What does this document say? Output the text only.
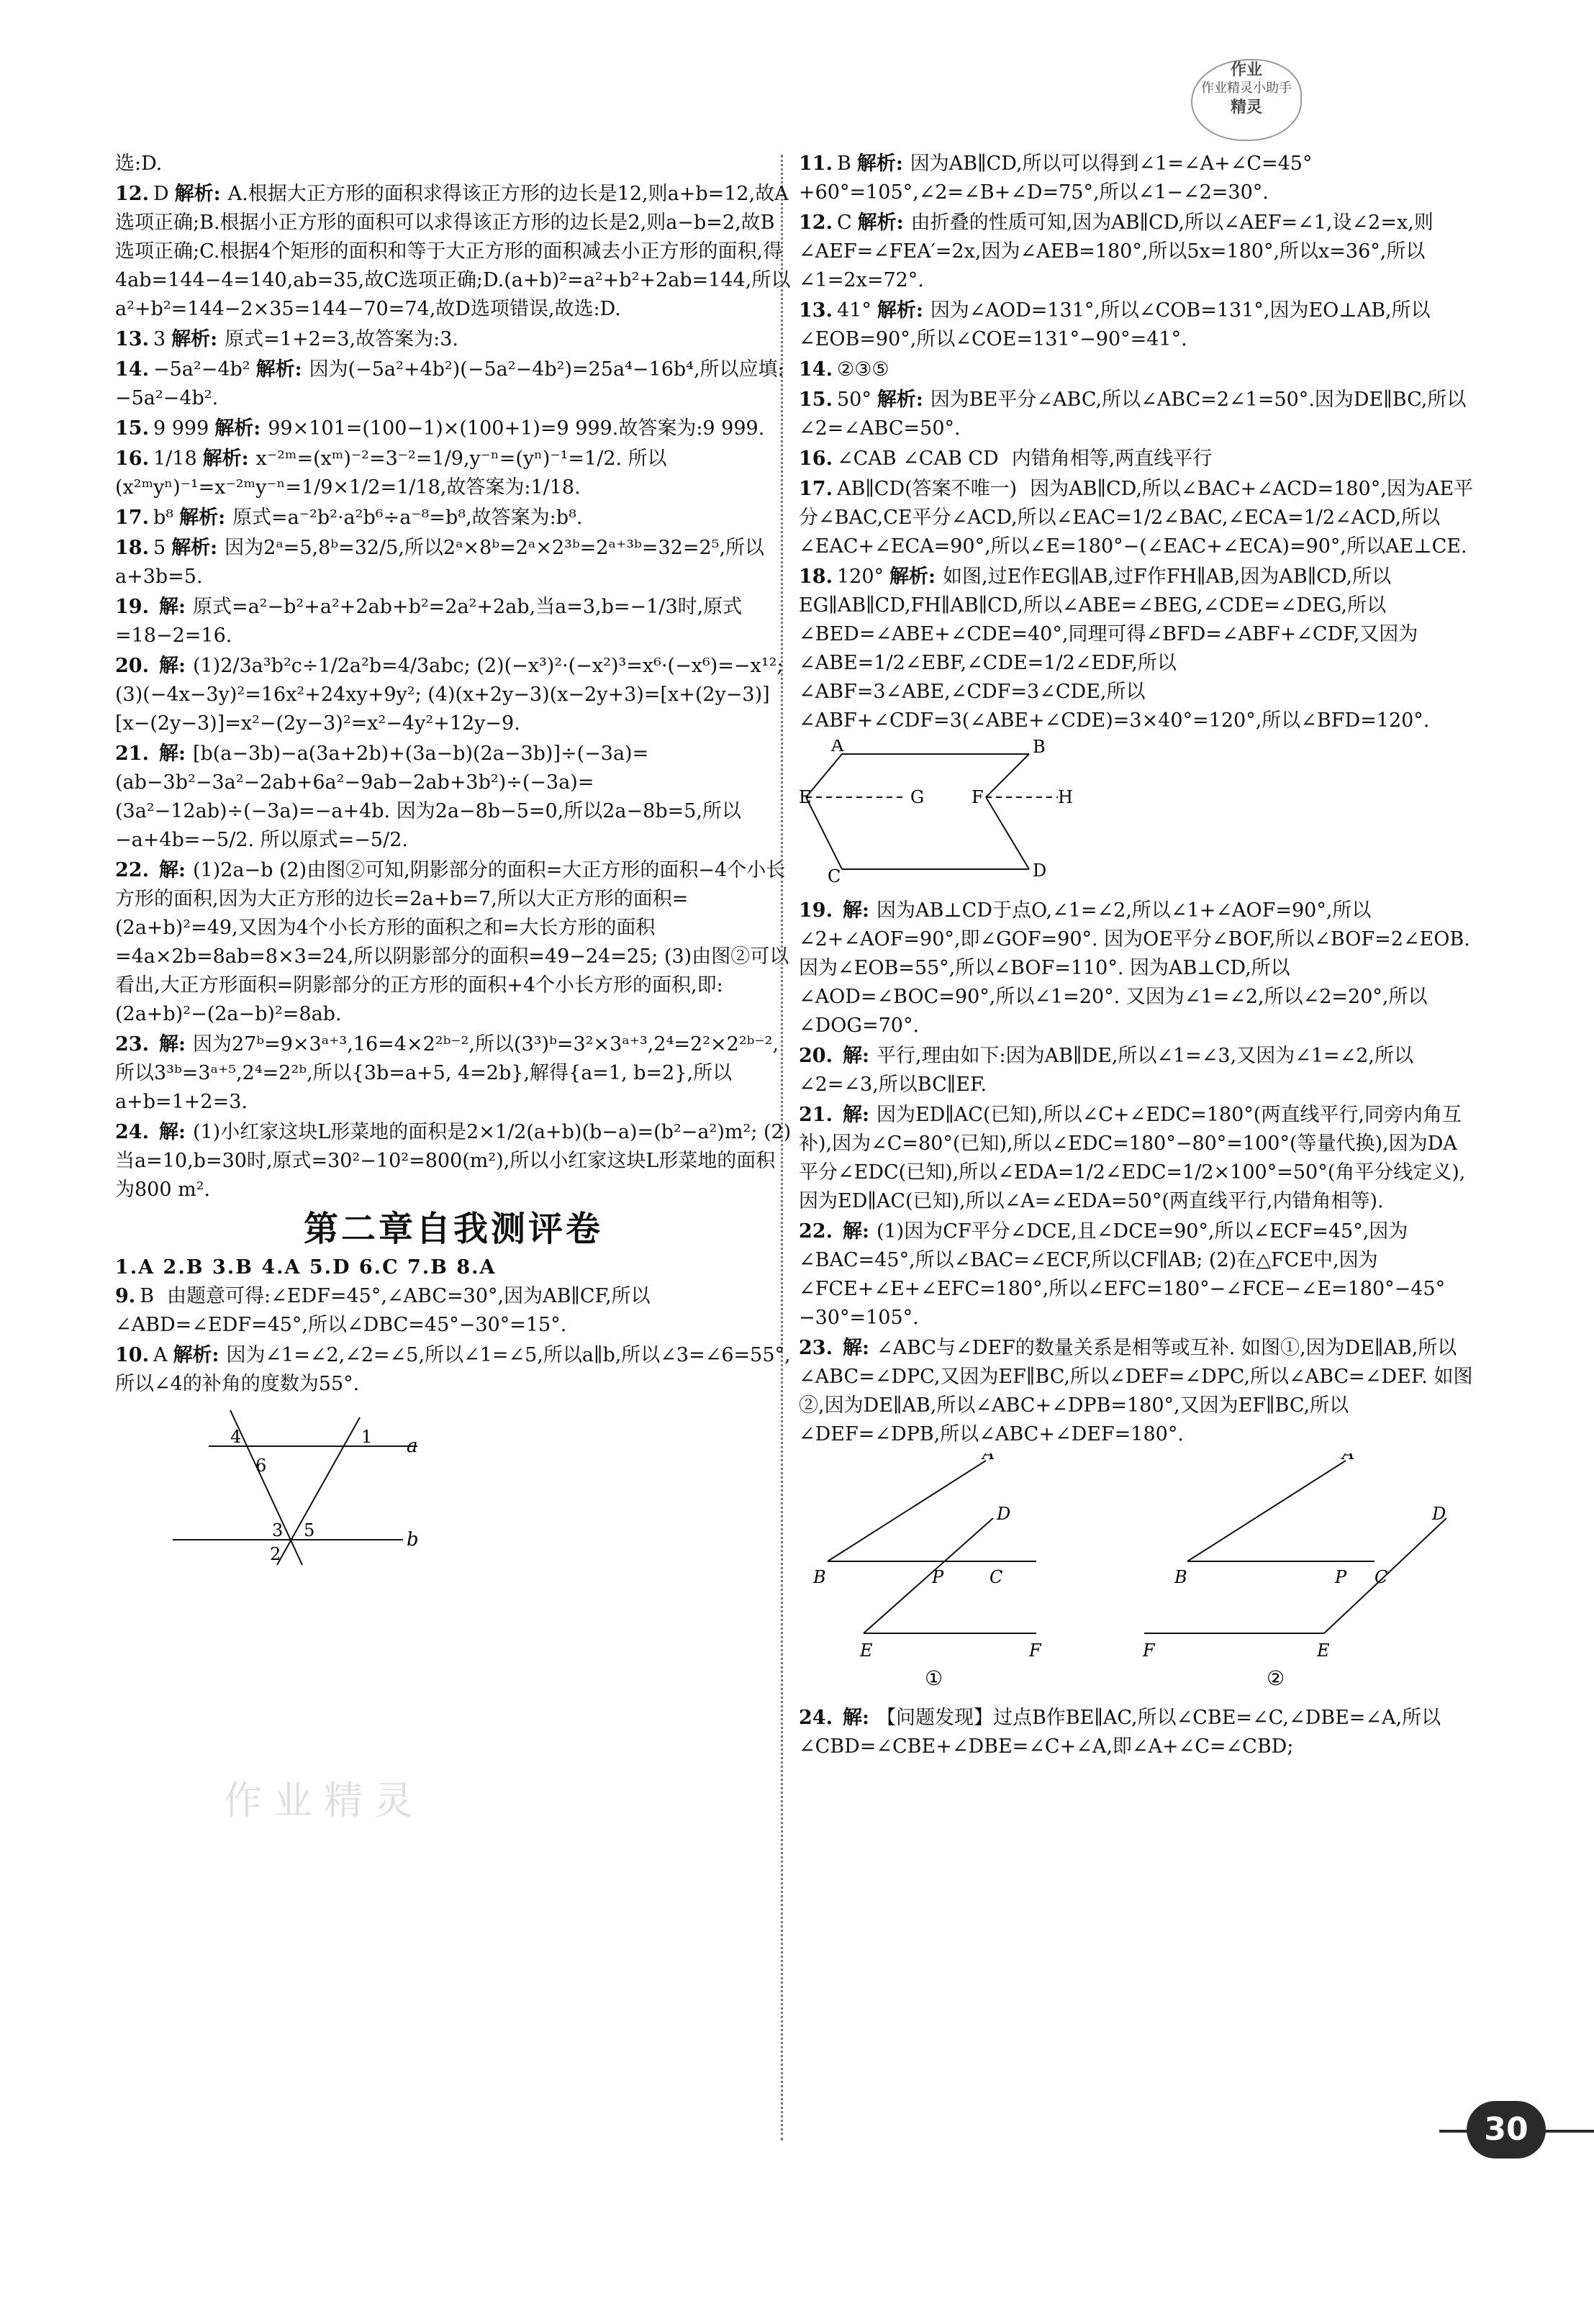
作业
作业精灵小助手
精灵
作业精灵
选:D.
12. D 解析: A.根据大正方形的面积求得该正方形的边长是12,则a+b=12,故A选项正确;B.根据小正方形的面积可以求得该正方形的边长是2,则a−b=2,故B选项正确;C.根据4个矩形的面积和等于大正方形的面积减去小正方形的面积,得4ab=144−4=140,ab=35,故C选项正确;D.(a+b)²=a²+b²+2ab=144,所以a²+b²=144−2×35=144−70=74,故D选项错误,故选:D.
13. 3 解析: 原式=1+2=3,故答案为:3.
14. −5a²−4b² 解析: 因为(−5a²+4b²)(−5a²−4b²)=25a⁴−16b⁴,所以应填:−5a²−4b².
15. 9 999 解析: 99×101=(100−1)×(100+1)=9 999.故答案为:9 999.
16. 1/18 解析: x⁻²ᵐ=(xᵐ)⁻²=3⁻²=1/9,y⁻ⁿ=(yⁿ)⁻¹=1/2. 所以(x²ᵐyⁿ)⁻¹=x⁻²ᵐy⁻ⁿ=1/9×1/2=1/18,故答案为:1/18.
17. b⁸ 解析: 原式=a⁻²b²·a²b⁶÷a⁻⁸=b⁸,故答案为:b⁸.
18. 5 解析: 因为2ᵃ=5,8ᵇ=32/5,所以2ᵃ×8ᵇ=2ᵃ×2³ᵇ=2ᵃ⁺³ᵇ=32=2⁵,所以a+3b=5.
19. 解: 原式=a²−b²+a²+2ab+b²=2a²+2ab,当a=3,b=−1/3时,原式=18−2=16.
20. 解: (1)2/3a³b²c÷1/2a²b=4/3abc; (2)(−x³)²·(−x²)³=x⁶·(−x⁶)=−x¹²; (3)(−4x−3y)²=16x²+24xy+9y²; (4)(x+2y−3)(x−2y+3)=[x+(2y−3)][x−(2y−3)]=x²−(2y−3)²=x²−4y²+12y−9.
21. 解: [b(a−3b)−a(3a+2b)+(3a−b)(2a−3b)]÷(−3a)=(ab−3b²−3a²−2ab+6a²−9ab−2ab+3b²)÷(−3a)=(3a²−12ab)÷(−3a)=−a+4b. 因为2a−8b−5=0,所以2a−8b=5,所以−a+4b=−5/2. 所以原式=−5/2.
22. 解: (1)2a−b (2)由图②可知,阴影部分的面积=大正方形的面积−4个小长方形的面积,因为大正方形的边长=2a+b=7,所以大正方形的面积=(2a+b)²=49,又因为4个小长方形的面积之和=大长方形的面积=4a×2b=8ab=8×3=24,所以阴影部分的面积=49−24=25; (3)由图②可以看出,大正方形面积=阴影部分的正方形的面积+4个小长方形的面积,即:(2a+b)²−(2a−b)²=8ab.
23. 解: 因为27ᵇ=9×3ᵃ⁺³,16=4×2²ᵇ⁻²,所以(3³)ᵇ=3²×3ᵃ⁺³,2⁴=2²×2²ᵇ⁻²,所以3³ᵇ=3ᵃ⁺⁵,2⁴=2²ᵇ,所以{3b=a+5, 4=2b},解得{a=1, b=2},所以a+b=1+2=3.
24. 解: (1)小红家这块L形菜地的面积是2×1/2(a+b)(b−a)=(b²−a²)m²; (2)当a=10,b=30时,原式=30²−10²=800(m²),所以小红家这块L形菜地的面积为800 m².
第二章自我测评卷
1.A 2.B 3.B 4.A 5.D 6.C 7.B 8.A
9. B 由题意可得:∠EDF=45°,∠ABC=30°,因为AB∥CF,所以∠ABD=∠EDF=45°,所以∠DBC=45°−30°=15°.
10. A 解析: 因为∠1=∠2,∠2=∠5,所以∠1=∠5,所以a∥b,所以∠3=∠6=55°,所以∠4的补角的度数为55°.
4
6
1
3 5
2
a
b
11. B 解析: 因为AB∥CD,所以可以得到∠1=∠A+∠C=45°+60°=105°,∠2=∠B+∠D=75°,所以∠1−∠2=30°.
12. C 解析: 由折叠的性质可知,因为AB∥CD,所以∠AEF=∠1,设∠2=x,则∠AEF=∠FEA′=2x,因为∠AEB=180°,所以5x=180°,所以x=36°,所以∠1=2x=72°.
13. 41° 解析: 因为∠AOD=131°,所以∠COB=131°,因为EO⊥AB,所以∠EOB=90°,所以∠COE=131°−90°=41°.
14. ②③⑤
15. 50° 解析: 因为BE平分∠ABC,所以∠ABC=2∠1=50°.因为DE∥BC,所以∠2=∠ABC=50°.
16. ∠CAB ∠CAB CD 内错角相等,两直线平行
17. AB∥CD(答案不唯一) 因为AB∥CD,所以∠BAC+∠ACD=180°,因为AE平分∠BAC,CE平分∠ACD,所以∠EAC=1/2∠BAC,∠ECA=1/2∠ACD,所以∠EAC+∠ECA=90°,所以∠E=180°−(∠EAC+∠ECA)=90°,所以AE⊥CE.
18. 120° 解析: 如图,过E作EG∥AB,过F作FH∥AB,因为AB∥CD,所以EG∥AB∥CD,FH∥AB∥CD,所以∠ABE=∠BEG,∠CDE=∠DEG,所以∠BED=∠ABE+∠CDE=40°,同理可得∠BFD=∠ABF+∠CDF,又因为∠ABE=1/2∠EBF,∠CDE=1/2∠EDF,所以∠ABF=3∠ABE,∠CDF=3∠CDE,所以∠ABF+∠CDF=3(∠ABE+∠CDE)=3×40°=120°,所以∠BFD=120°.
A	B
C	D
E	F
G	H
19. 解: 因为AB⊥CD于点O,∠1=∠2,所以∠1+∠AOF=90°,所以∠2+∠AOF=90°,即∠GOF=90°. 因为OE平分∠BOF,所以∠BOF=2∠EOB. 因为∠EOB=55°,所以∠BOF=110°. 因为AB⊥CD,所以∠AOD=∠BOC=90°,所以∠1=20°. 又因为∠1=∠2,所以∠2=20°,所以∠DOG=70°.
20. 解: 平行,理由如下:因为AB∥DE,所以∠1=∠3,又因为∠1=∠2,所以∠2=∠3,所以BC∥EF.
21. 解: 因为ED∥AC(已知),所以∠C+∠EDC=180°(两直线平行,同旁内角互补),因为∠C=80°(已知),所以∠EDC=180°−80°=100°(等量代换),因为DA平分∠EDC(已知),所以∠EDA=1/2∠EDC=1/2×100°=50°(角平分线定义),因为ED∥AC(已知),所以∠A=∠EDA=50°(两直线平行,内错角相等).
22. 解: (1)因为CF平分∠DCE,且∠DCE=90°,所以∠ECF=45°,因为∠BAC=45°,所以∠BAC=∠ECF,所以CF∥AB; (2)在△FCE中,因为∠FCE+∠E+∠EFC=180°,所以∠EFC=180°−∠FCE−∠E=180°−45°−30°=105°.
23. 解: ∠ABC与∠DEF的数量关系是相等或互补. 如图①,因为DE∥AB,所以∠ABC=∠DPC,又因为EF∥BC,所以∠DEF=∠DPC,所以∠ABC=∠DEF. 如图②,因为DE∥AB,所以∠ABC+∠DPB=180°,又因为EF∥BC,所以∠DEF=∠DPB,所以∠ABC+∠DEF=180°.
A
D
B	P	C
E	F
①
A
D
B	P C
F	E
②
24. 解: 【问题发现】过点B作BE∥AC,所以∠CBE=∠C,∠DBE=∠A,所以∠CBD=∠CBE+∠DBE=∠C+∠A,即∠A+∠C=∠CBD;
30
